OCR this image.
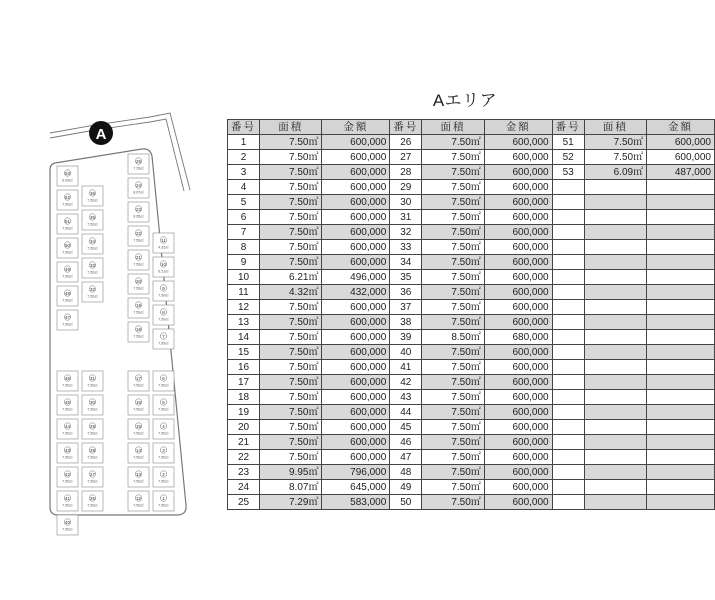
53
6.09㎡
52
7.50㎡
51
7.50㎡
50
7.50㎡
49
7.50㎡
48
7.50㎡
47
7.50㎡
36
7.50㎡
35
7.50㎡
34
7.50㎡
33
7.50㎡
32
7.50㎡
25
7.29㎡
24
8.07㎡
23
9.95㎡
22
7.50㎡
21
7.50㎡
20
7.50㎡
19
7.50㎡
18
7.50㎡
11
4.32㎡
10
6.21㎡
9
7.50㎡
8
7.50㎡
7
7.50㎡
46
7.50㎡
45
7.50㎡
44
7.50㎡
43
7.50㎡
42
7.50㎡
41
7.50㎡
40
7.50㎡
31
7.50㎡
30
7.50㎡
29
7.50㎡
28
7.50㎡
27
7.50㎡
26
7.50㎡
17
7.50㎡
16
7.50㎡
15
7.50㎡
14
7.50㎡
13
7.50㎡
12
7.50㎡
6
7.50㎡
5
7.50㎡
4
7.50㎡
3
7.50㎡
2
7.50㎡
1
7.50㎡
A
Aエリア
番号	面積	金額	番号	面積	金額	番号	面積	金額
1	7.50㎡	600,000	26	7.50㎡	600,000	51	7.50㎡	600,000
2	7.50㎡	600,000	27	7.50㎡	600,000	52	7.50㎡	600,000
3	7.50㎡	600,000	28	7.50㎡	600,000	53	6.09㎡	487,000
4	7.50㎡	600,000	29	7.50㎡	600,000			
5	7.50㎡	600,000	30	7.50㎡	600,000			
6	7.50㎡	600,000	31	7.50㎡	600,000			
7	7.50㎡	600,000	32	7.50㎡	600,000			
8	7.50㎡	600,000	33	7.50㎡	600,000			
9	7.50㎡	600,000	34	7.50㎡	600,000			
10	6.21㎡	496,000	35	7.50㎡	600,000			
11	4.32㎡	432,000	36	7.50㎡	600,000			
12	7.50㎡	600,000	37	7.50㎡	600,000			
13	7.50㎡	600,000	38	7.50㎡	600,000			
14	7.50㎡	600,000	39	8.50㎡	680,000			
15	7.50㎡	600,000	40	7.50㎡	600,000			
16	7.50㎡	600,000	41	7.50㎡	600,000			
17	7.50㎡	600,000	42	7.50㎡	600,000			
18	7.50㎡	600,000	43	7.50㎡	600,000			
19	7.50㎡	600,000	44	7.50㎡	600,000			
20	7.50㎡	600,000	45	7.50㎡	600,000			
21	7.50㎡	600,000	46	7.50㎡	600,000			
22	7.50㎡	600,000	47	7.50㎡	600,000			
23	9.95㎡	796,000	48	7.50㎡	600,000			
24	8.07㎡	645,000	49	7.50㎡	600,000			
25	7.29㎡	583,000	50	7.50㎡	600,000			
